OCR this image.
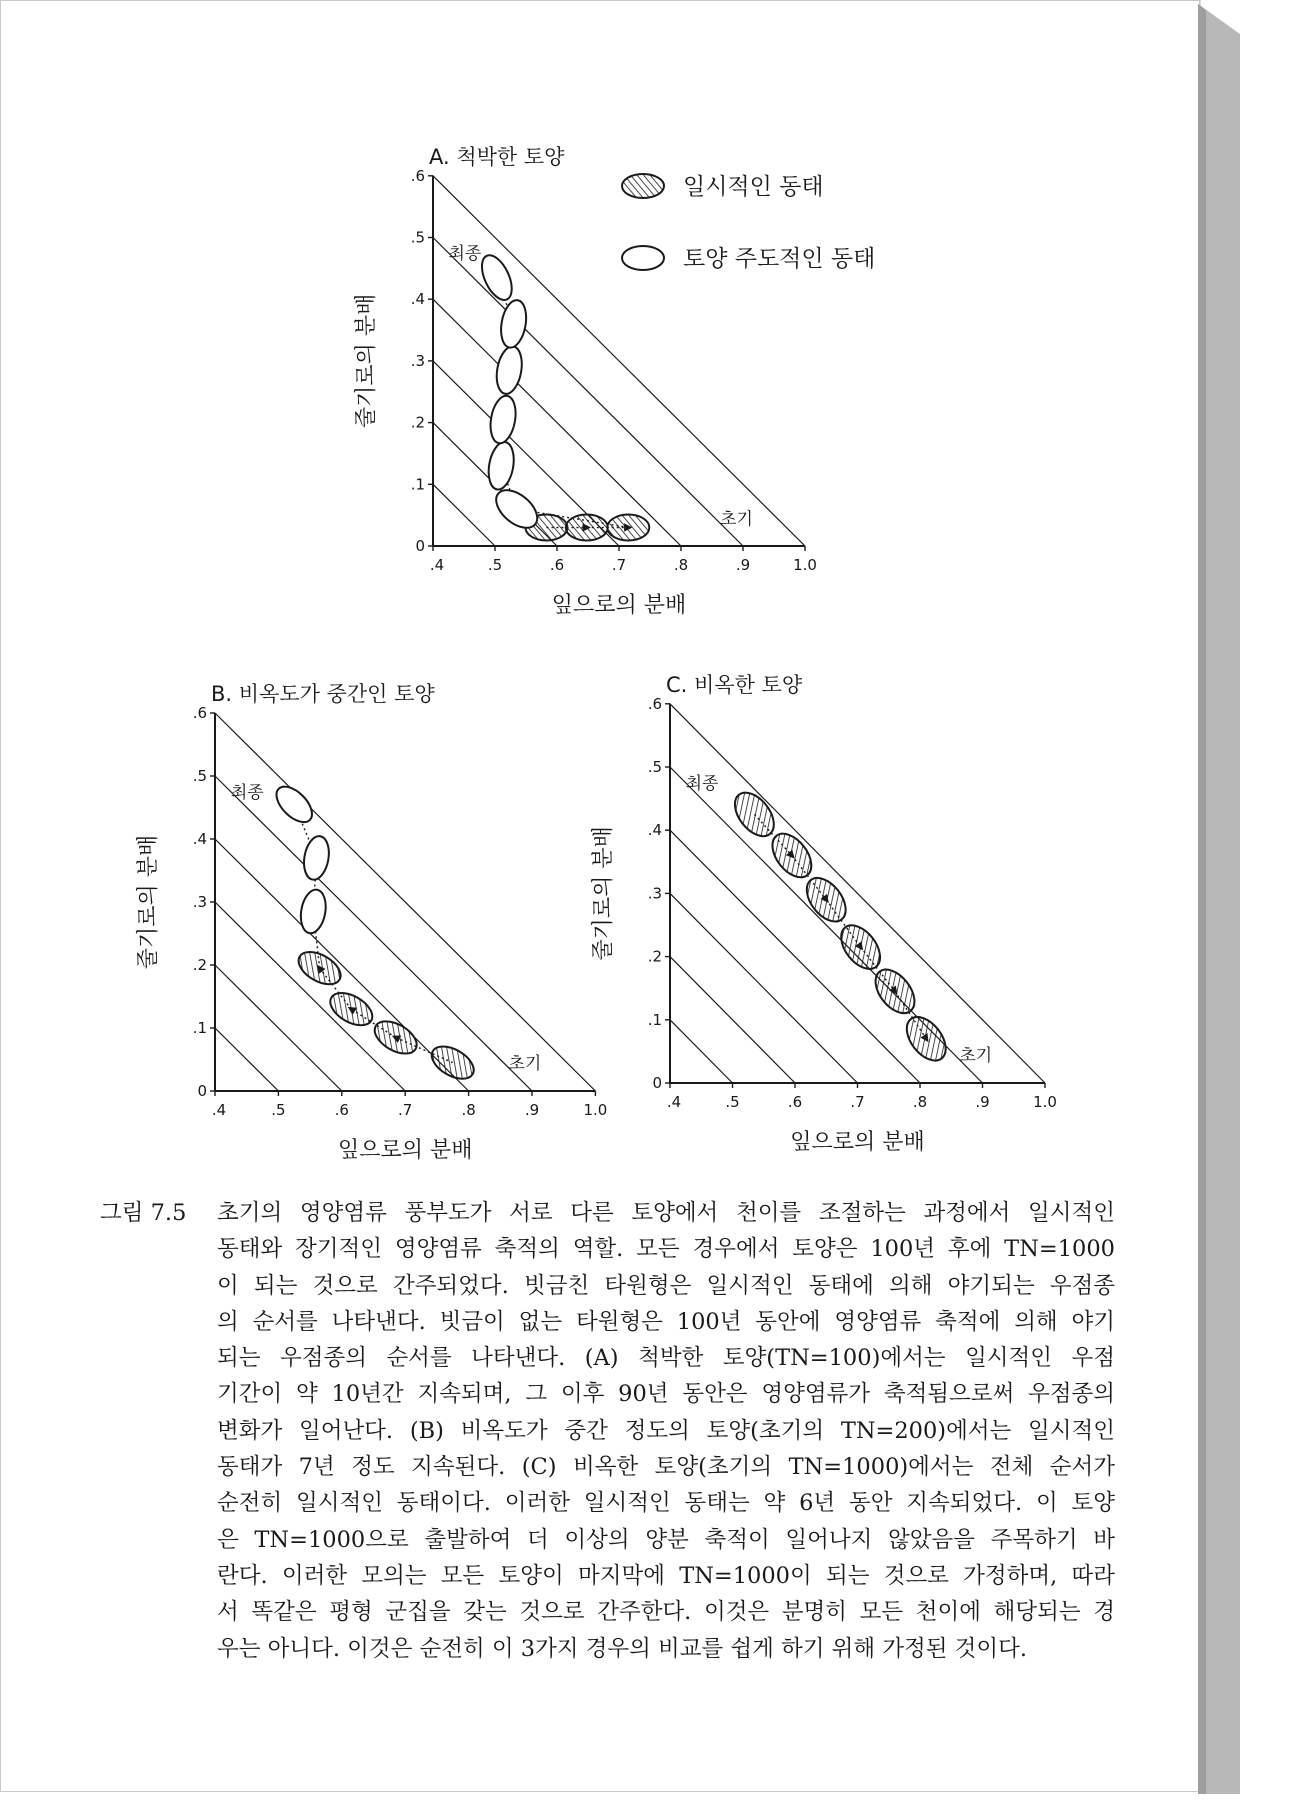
.4	.5	.6	.7	.8	.9	1.0
0
.1
.2
.3
.4
.5
.6
A. 척박한 토양
잎으로의 분배
줄기로의 분배
최종
초기
일시적인 동태
토양 주도적인 동태
.4	.5	.6	.7	.8	.9	1.0
0
.1
.2
.3
.4
.5
.6
B. 비옥도가 중간인 토양
잎으로의 분배
줄기로의 분배
최종
초기
.4	.5	.6	.7	.8	.9	1.0
0
.1
.2
.3
.4
.5
.6
C. 비옥한 토양
잎으로의 분배
줄기로의 분배
최종
초기
그림 7.5 초기의 영양염류 풍부도가 서로 다른 토양에서 천이를 조절하는 과정에서 일시적인
동태와 장기적인 영양염류 축적의 역할. 모든 경우에서 토양은 100년 후에 TN=1000
이 되는 것으로 간주되었다. 빗금친 타원형은 일시적인 동태에 의해 야기되는 우점종
의 순서를 나타낸다. 빗금이 없는 타원형은 100년 동안에 영양염류 축적에 의해 야기
되는 우점종의 순서를 나타낸다. (A) 척박한 토양(TN=100)에서는 일시적인 우점
기간이 약 10년간 지속되며, 그 이후 90년 동안은 영양염류가 축적됨으로써 우점종의
변화가 일어난다. (B) 비옥도가 중간 정도의 토양(초기의 TN=200)에서는 일시적인
동태가 7년 정도 지속된다. (C) 비옥한 토양(초기의 TN=1000)에서는 전체 순서가
순전히 일시적인 동태이다. 이러한 일시적인 동태는 약 6년 동안 지속되었다. 이 토양
은 TN=1000으로 출발하여 더 이상의 양분 축적이 일어나지 않았음을 주목하기 바
란다. 이러한 모의는 모든 토양이 마지막에 TN=1000이 되는 것으로 가정하며, 따라
서 똑같은 평형 군집을 갖는 것으로 간주한다. 이것은 분명히 모든 천이에 해당되는 경
우는 아니다. 이것은 순전히 이 3가지 경우의 비교를 쉽게 하기 위해 가정된 것이다.
